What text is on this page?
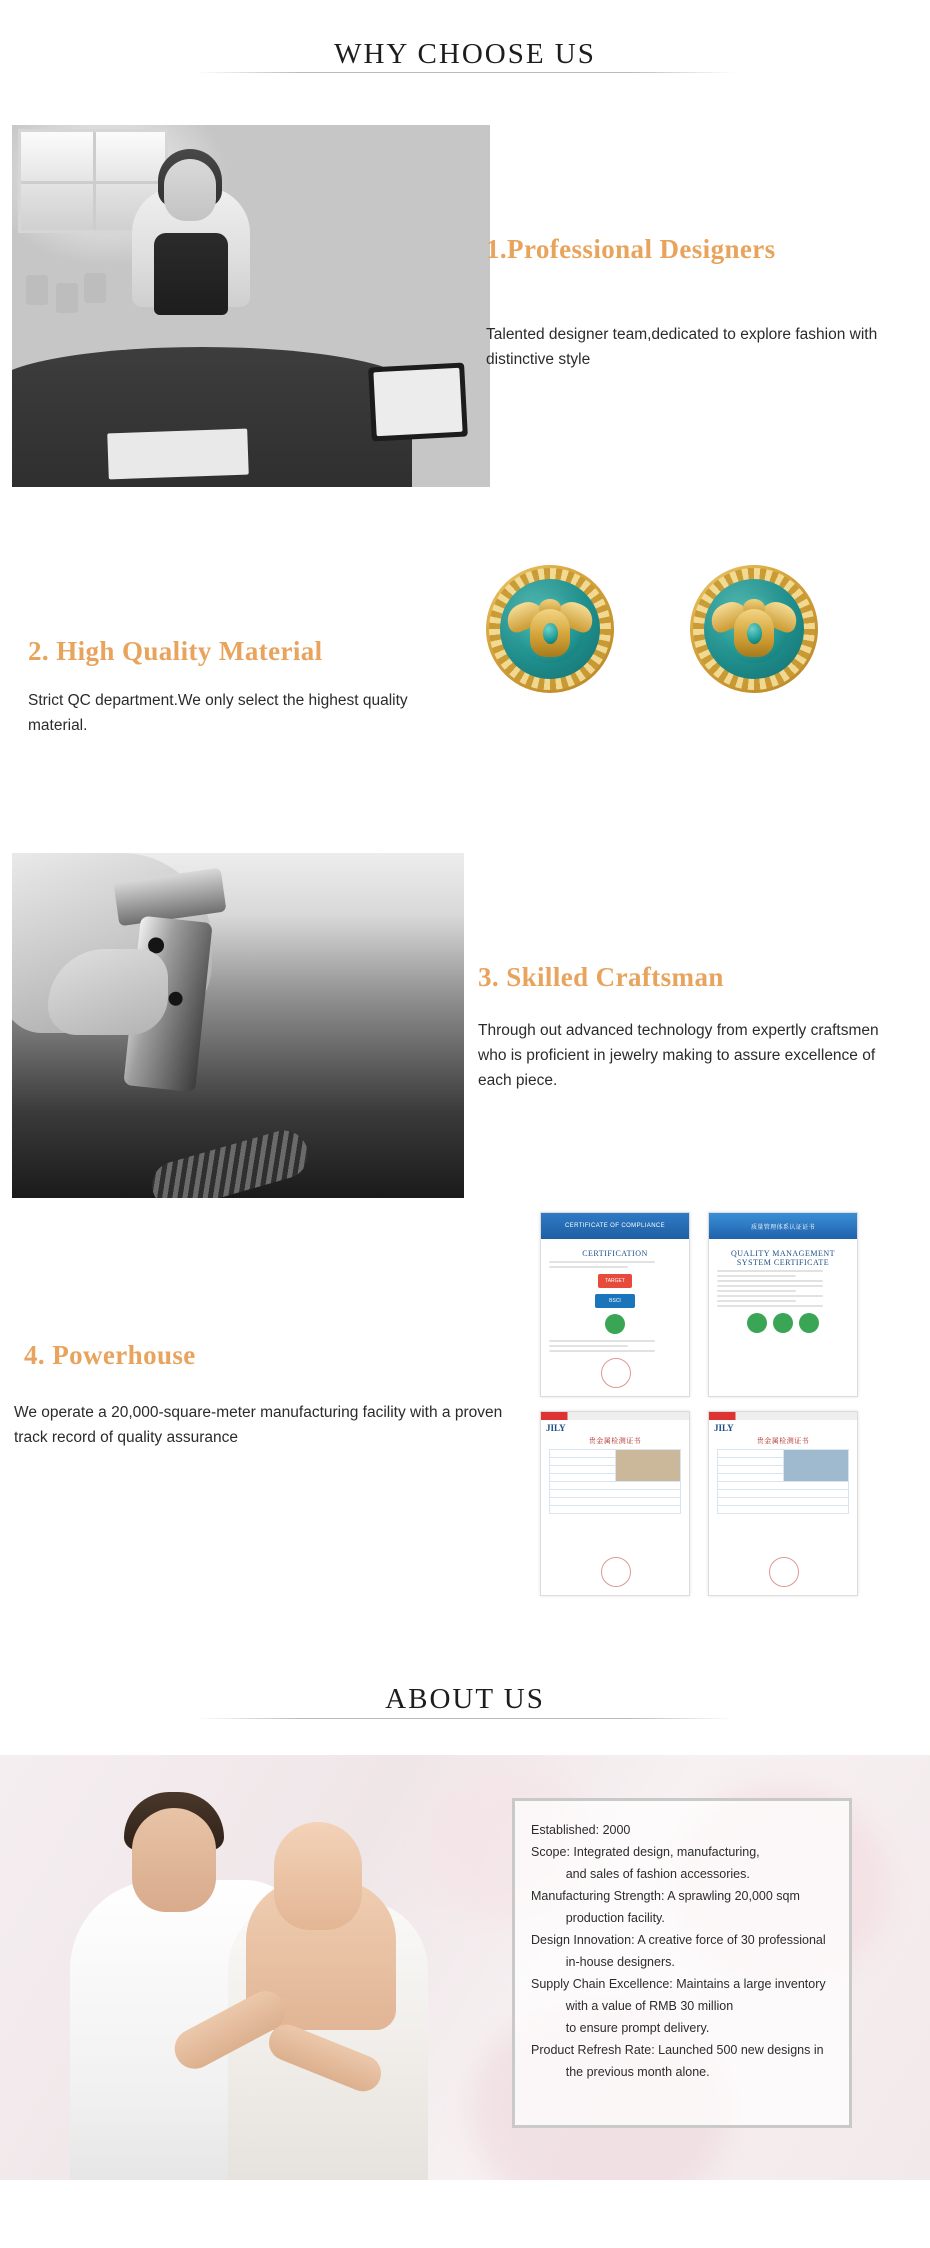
WHY CHOOSE US
1.Professional Designers
Talented designer team,dedicated to explore fashion with distinctive style
2. High Quality Material
Strict QC department.We only select the highest quality material.
3. Skilled Craftsman
Through out advanced technology from expertly craftsmen who is proficient in jewelry making to assure excellence of each piece.
4. Powerhouse
We operate a 20,000-square-meter manufacturing facility with a proven track record of quality assurance
CERTIFICATE OF COMPLIANCE
CERTIFICATION
TARGET
BSCI
质量管理体系认证证书
QUALITY MANAGEMENT SYSTEM CERTIFICATE
JILY
贵金属检测证书

JILY
贵金属检测证书

ABOUT US
Established: 2000
Scope: Integrated design, manufacturing,
and sales of fashion accessories.
Manufacturing Strength: A sprawling 20,000 sqm
production facility.
Design Innovation: A creative force of 30 professional
in-house designers.
Supply Chain Excellence: Maintains a large inventory
with a value of RMB 30 million
to ensure prompt delivery.
Product Refresh Rate: Launched 500 new designs in
the previous month alone.
